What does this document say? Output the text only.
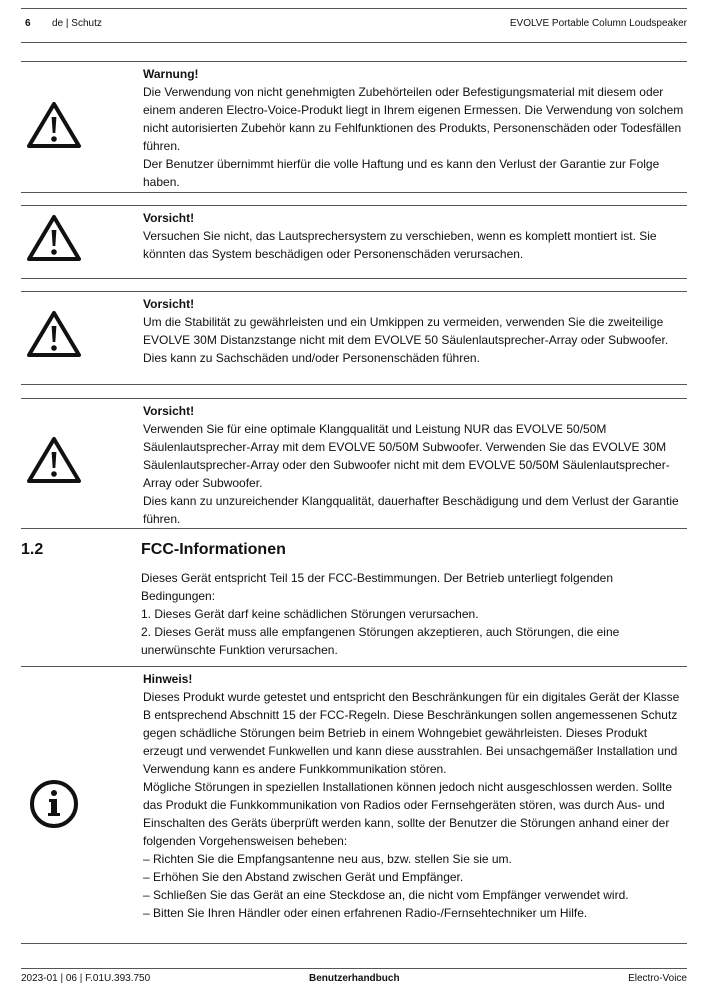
6 de | Schutz	EVOLVE Portable Column Loudspeaker

Warnung!

Die Verwendung von nicht genehmigten Zubehörteilen oder Befestigungsmaterial mit diesem oder einem anderen Electro-Voice-Produkt liegt in Ihrem eigenen Ermessen. Die Verwendung von solchem nicht autorisierten Zubehör kann zu Fehlfunktionen des Produkts, Personenschäden oder Todesfällen führen.

Der Benutzer übernimmt hierfür die volle Haftung und es kann den Verlust der Garantie zur Folge haben.

Vorsicht!

Versuchen Sie nicht, das Lautsprechersystem zu verschieben, wenn es komplett montiert ist. Sie könnten das System beschädigen oder Personenschäden verursachen.

Vorsicht!

Um die Stabilität zu gewährleisten und ein Umkippen zu vermeiden, verwenden Sie die zweiteilige EVOLVE 30M Distanzstange nicht mit dem EVOLVE 50 Säulenlautsprecher-Array oder Subwoofer.

Dies kann zu Sachschäden und/oder Personenschäden führen.

Vorsicht!

Verwenden Sie für eine optimale Klangqualität und Leistung NUR das EVOLVE 50/50M Säulenlautsprecher-Array mit dem EVOLVE 50/50M Subwoofer. Verwenden Sie das EVOLVE 30M Säulenlautsprecher-Array oder den Subwoofer nicht mit dem EVOLVE 50/50M Säulenlautsprecher-Array oder Subwoofer.

Dies kann zu unzureichender Klangqualität, dauerhafter Beschädigung und dem Verlust der Garantie führen.

1.2	FCC-Informationen

Dieses Gerät entspricht Teil 15 der FCC-Bestimmungen. Der Betrieb unterliegt folgenden Bedingungen:

1. Dieses Gerät darf keine schädlichen Störungen verursachen.

2. Dieses Gerät muss alle empfangenen Störungen akzeptieren, auch Störungen, die eine unerwünschte Funktion verursachen.

Hinweis!

Dieses Produkt wurde getestet und entspricht den Beschränkungen für ein digitales Gerät der Klasse B entsprechend Abschnitt 15 der FCC-Regeln. Diese Beschränkungen sollen angemessenen Schutz gegen schädliche Störungen beim Betrieb in einem Wohngebiet gewährleisten. Dieses Produkt erzeugt und verwendet Funkwellen und kann diese ausstrahlen. Bei unsachgemäßer Installation und Verwendung kann es andere Funkkommunikation stören.

Mögliche Störungen in speziellen Installationen können jedoch nicht ausgeschlossen werden. Sollte das Produkt die Funkkommunikation von Radios oder Fernsehgeräten stören, was durch Aus- und Einschalten des Geräts überprüft werden kann, sollte der Benutzer die Störungen anhand einer der folgenden Vorgehensweisen beheben:

– Richten Sie die Empfangsantenne neu aus, bzw. stellen Sie sie um.

– Erhöhen Sie den Abstand zwischen Gerät und Empfänger.

– Schließen Sie das Gerät an eine Steckdose an, die nicht vom Empfänger verwendet wird.

– Bitten Sie Ihren Händler oder einen erfahrenen Radio-/Fernsehtechniker um Hilfe.

2023-01 | 06 | F.01U.393.750	Benutzerhandbuch	Electro-Voice
